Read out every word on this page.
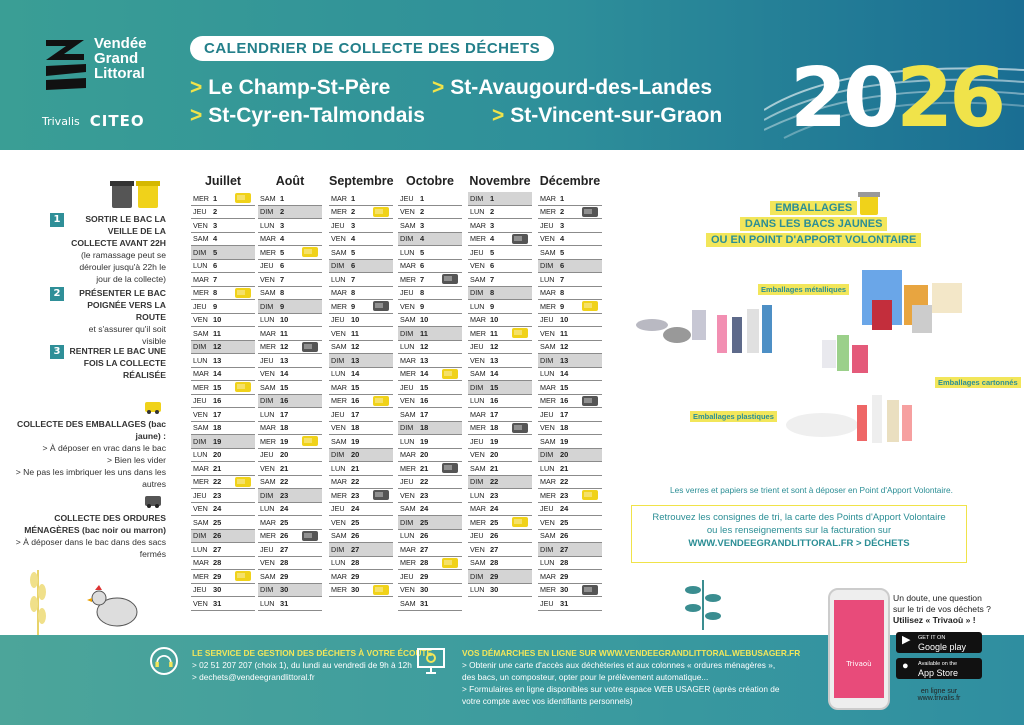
Vendée
Grand
Littoral
Trivalis CITEO
CALENDRIER DE COLLECTE DES DÉCHETS
> Le Champ-St-Père > St-Avaugourd-des-Landes
> St-Cyr-en-Talmondais	> St-Vincent-sur-Graon 2026
1	SORTIR LE BAC LA VEILLE DE LA COLLECTE AVANT 22H
(le ramassage peut se dérouler jusqu'à 22h le jour de la collecte)
2	PRÉSENTER LE BAC POIGNÉE VERS LA ROUTE
et s'assurer qu'il soit visible
3	RENTRER LE BAC UNE FOIS LA COLLECTE RÉALISÉE
COLLECTE DES EMBALLAGES (bac jaune) :
> À déposer en vrac dans le bac
> Bien les vider
> Ne pas les imbriquer les uns dans les autres
COLLECTE DES ORDURES MÉNAGÈRES (bac noir ou marron)
> À déposer dans le bac dans des sacs fermés
Juillet
MER 1
JEU 2
VEN 3
SAM 4
DIM 5
LUN 6
MAR 7
MER 8
JEU 9
VEN 10
SAM 11
DIM 12
LUN 13
MAR 14
MER 15
JEU 16
VEN 17
SAM 18
DIM 19
LUN 20
MAR 21
MER 22
JEU 23
VEN 24
SAM 25
DIM 26
LUN 27
MAR 28
MER 29
JEU 30
VEN 31
Août
SAM 1
DIM 2
LUN 3
MAR 4
MER 5
JEU 6
VEN 7
SAM 8
DIM 9
LUN 10
MAR 11
MER 12
JEU 13
VEN 14
SAM 15
DIM 16
LUN 17
MAR 18
MER 19
JEU 20
VEN 21
SAM 22
DIM 23
LUN 24
MAR 25
MER 26
JEU 27
VEN 28
SAM 29
DIM 30
LUN 31
Septembre
MAR 1
MER 2
JEU 3
VEN 4
SAM 5
DIM 6
LUN 7
MAR 8
MER 9
JEU 10
VEN 11
SAM 12
DIM 13
LUN 14
MAR 15
MER 16
JEU 17
VEN 18
SAM 19
DIM 20
LUN 21
MAR 22
MER 23
JEU 24
VEN 25
SAM 26
DIM 27
LUN 28
MAR 29
MER 30
Octobre
JEU 1
VEN 2
SAM 3
DIM 4
LUN 5
MAR 6
MER 7
JEU 8
VEN 9
SAM 10
DIM 11
LUN 12
MAR 13
MER 14
JEU 15
VEN 16
SAM 17
DIM 18
LUN 19
MAR 20
MER 21
JEU 22
VEN 23
SAM 24
DIM 25
LUN 26
MAR 27
MER 28
JEU 29
VEN 30
SAM 31
Novembre
DIM 1
LUN 2
MAR 3
MER 4
JEU 5
VEN 6
SAM 7
DIM 8
LUN 9
MAR 10
MER 11
JEU 12
VEN 13
SAM 14
DIM 15
LUN 16
MAR 17
MER 18
JEU 19
VEN 20
SAM 21
DIM 22
LUN 23
MAR 24
MER 25
JEU 26
VEN 27
SAM 28
DIM 29
LUN 30
Décembre
MAR 1
MER 2
JEU 3
VEN 4
SAM 5
DIM 6
LUN 7
MAR 8
MER 9
JEU 10
VEN 11
SAM 12
DIM 13
LUN 14
MAR 15
MER 16
JEU 17
VEN 18
SAM 19
DIM 20
LUN 21
MAR 22
MER 23
JEU 24
VEN 25
SAM 26
DIM 27
LUN 28
MAR 29
MER 30
JEU 31
EMBALLAGES
DANS LES BACS JAUNES
OU EN POINT D'APPORT VOLONTAIRE
Emballages métalliques
Emballages cartonnés
Emballages plastiques
Les verres et papiers se trient et sont à déposer en Point d'Apport Volontaire.
Retrouvez les consignes de tri, la carte des Points d'Apport Volontaire
ou les renseignements sur la facturation sur
WWW.VENDEEGRANDLITTORAL.FR > DÉCHETS
LE SERVICE DE GESTION DES DÉCHETS À VOTRE ÉCOUTE
> 02 51 207 207 (choix 1), du lundi au vendredi de 9h à 12h
> dechets@vendeegrandlittoral.fr
VOS DÉMARCHES EN LIGNE SUR WWW.VENDEEGRANDLITTORAL.WEBUSAGER.FR
> Obtenir une carte d'accès aux déchèteries et aux colonnes « ordures ménagères »,
des bacs, un composteur, opter pour le prélèvement automatique...
> Formulaires en ligne disponibles sur votre espace WEB USAGER (après création de
votre compte avec vos identifiants personnels)
Un doute, une question
sur le tri de vos déchets ?
Utilisez « Trivaoù » !
Trivaoù
▶	GET IT ON
Google play
●	Available on the
App Store
en ligne sur
www.trivalis.fr
